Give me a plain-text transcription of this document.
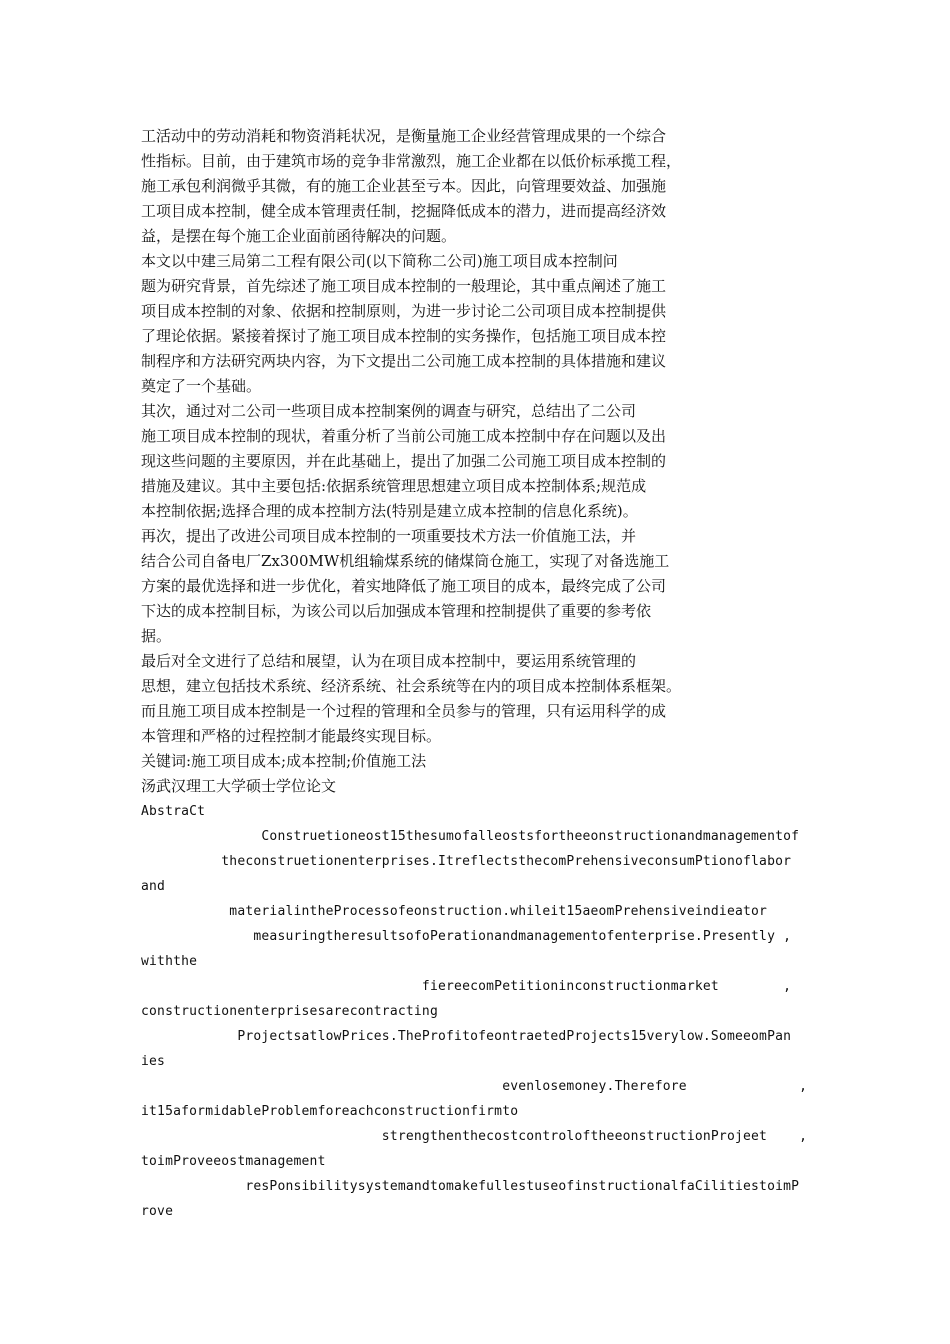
工活动中的劳动消耗和物资消耗状况，是衡量施工企业经营管理成果的一个综合
性指标。目前，由于建筑市场的竞争非常激烈，施工企业都在以低价标承揽工程，
施工承包利润微乎其微，有的施工企业甚至亏本。因此，向管理要效益、加强施
工项目成本控制，健全成本管理责任制，挖掘降低成本的潜力，进而提高经济效
益，是摆在每个施工企业面前函待解决的问题。
本文以中建三局第二工程有限公司(以下简称二公司)施工项目成本控制问
题为研究背景，首先综述了施工项目成本控制的一般理论，其中重点阐述了施工
项目成本控制的对象、依据和控制原则，为进一步讨论二公司项目成本控制提供
了理论依据。紧接着探讨了施工项目成本控制的实务操作，包括施工项目成本控
制程序和方法研究两块内容，为下文提出二公司施工成本控制的具体措施和建议
奠定了一个基础。
其次，通过对二公司一些项目成本控制案例的调查与研究，总结出了二公司
施工项目成本控制的现状，着重分析了当前公司施工成本控制中存在问题以及出
现这些问题的主要原因，并在此基础上，提出了加强二公司施工项目成本控制的
措施及建议。其中主要包括:依据系统管理思想建立项目成本控制体系;规范成
本控制依据;选择合理的成本控制方法(特别是建立成本控制的信息化系统)。
再次，提出了改进公司项目成本控制的一项重要技术方法一价值施工法，并
结合公司自备电厂Zx300MW机组输煤系统的储煤筒仓施工，实现了对备选施工
方案的最优选择和进一步优化，着实地降低了施工项目的成本，最终完成了公司
下达的成本控制目标，为该公司以后加强成本管理和控制提供了重要的参考依
据。
最后对全文进行了总结和展望，认为在项目成本控制中，要运用系统管理的
思想，建立包括技术系统、经济系统、社会系统等在内的项目成本控制体系框架。
而且施工项目成本控制是一个过程的管理和全员参与的管理，只有运用科学的成
本管理和严格的过程控制才能最终实现目标。
关键词:施工项目成本;成本控制;价值施工法
汤武汉理工大学硕士学位论文
AbstraCt
Construetioneost15thesumofalleostsfortheeonstructionandmanagementof
theconstruetionenterprises.ItreflectsthecomPrehensiveconsumPtionoflabor
and
materialintheProcessofeonstruction.whileit15aeomPrehensiveindieator
measuringtheresultsofoPerationandmanagementofenterprise.Presently ,
withthe
fiereecomPetitioninconstructionmarket        ,
constructionenterprisesarecontracting
ProjectsatlowPrices.TheProfitofeontraetedProjects15verylow.SomeeomPan
ies
evenlosemoney.Therefore              ,
it15aformidableProblemforeachconstructionfirmto
strengthenthecostcontroloftheeonstructionProjeet    ,
toimProveeostmanagement
resPonsibilitysystemandtomakefullestuseofinstructionalfaCilitiestoimP
rove
